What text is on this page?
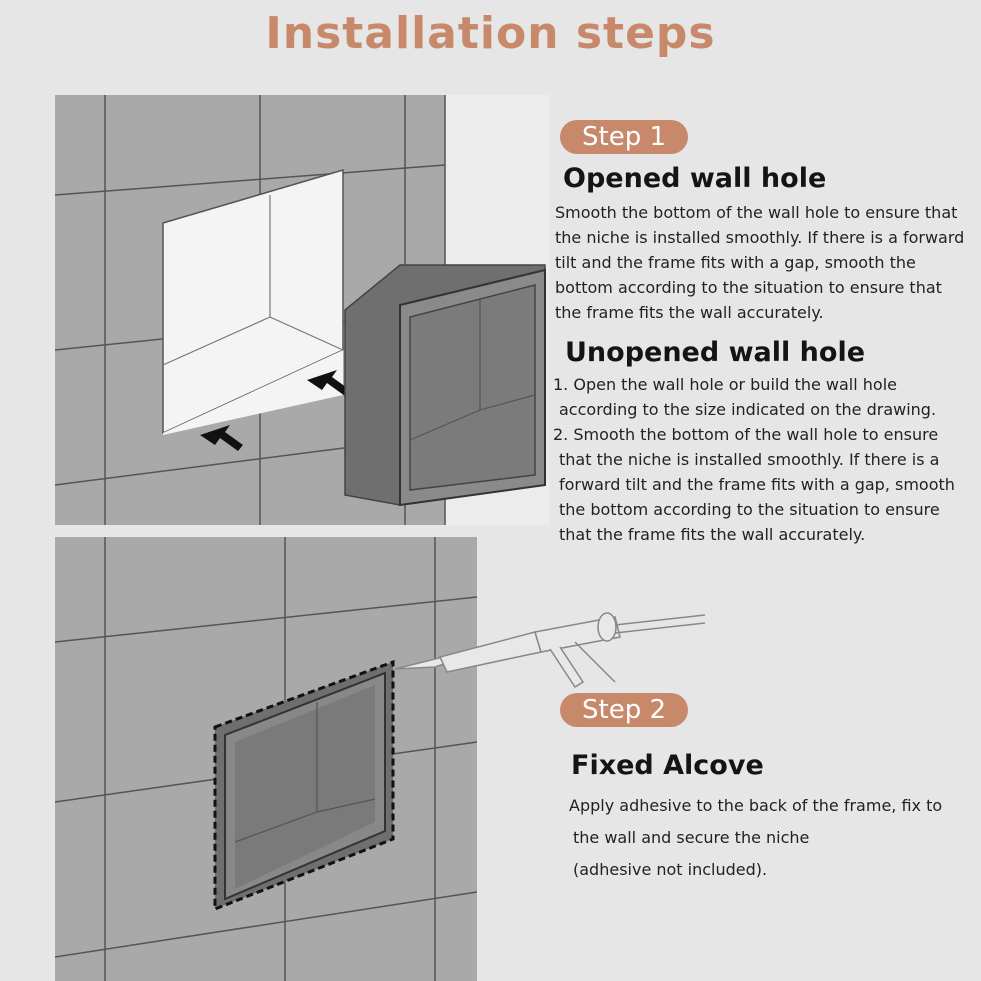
Installation steps
Step 1
Opened wall hole
Smooth the bottom of the wall hole to ensure that
the niche is installed smoothly. If there is a forward
tilt and the frame fits with a gap, smooth the
bottom according to the situation to ensure that
the frame fits the wall accurately.
Unopened wall hole
1. Open the wall hole or build the wall hole
according to the size indicated on the drawing.
2. Smooth the bottom of the wall hole to ensure
that the niche is installed smoothly. If there is a
forward tilt and the frame fits with a gap, smooth
the bottom according to the situation to ensure
that the frame fits the wall accurately.
Step 2
Fixed Alcove
Apply adhesive to the back of the frame, fix to
the wall and secure the niche
(adhesive not included).
